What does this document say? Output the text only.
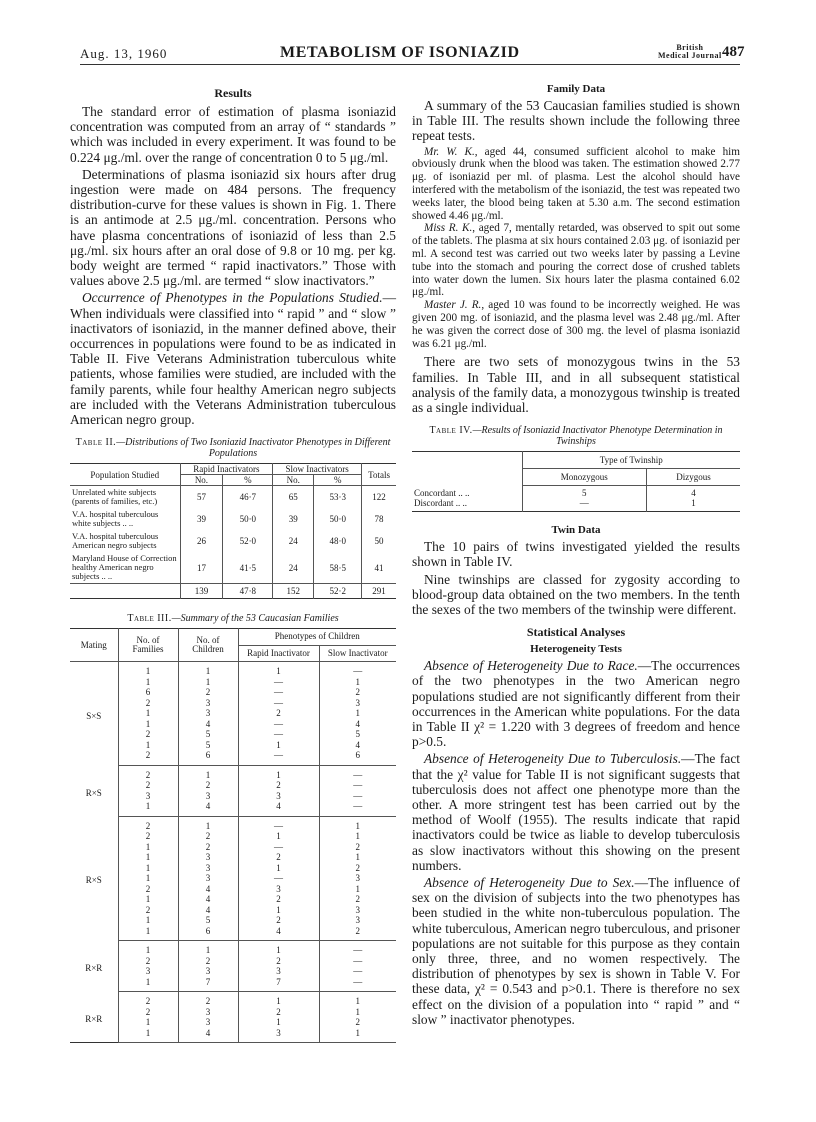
Aug. 13, 1960	METABOLISM OF ISONIAZID	British
Medical Journal 487
Results

The standard error of estimation of plasma isoniazid concentration was computed from an array of “ standards ” which was included in every experiment. It was found to be 0.224 μg./ml. over the range of concentration 0 to 5 μg./ml.

Determinations of plasma isoniazid six hours after drug ingestion were made on 484 persons. The frequency distribution-curve for these values is shown in Fig. 1. There is an antimode at 2.5 μg./ml. concentration. Persons who have plasma concentrations of isoniazid of less than 2.5 μg./ml. six hours after an oral dose of 9.8 or 10 mg. per kg. body weight are termed “ rapid inactivators.” Those with values above 2.5 μg./ml. are termed “ slow inactivators.”

Occurrence of Phenotypes in the Populations Studied.—When individuals were classified into “ rapid ” and “ slow ” inactivators of isoniazid, in the manner defined above, their occurrences in populations were found to be as indicated in Table II. Five Veterans Administration tuberculous white patients, whose families were studied, are included with the family parents, while four healthy American negro subjects are included with the Veterans Administration tuberculous American negro group.

Table II.—Distributions of Two Isoniazid Inactivator Phenotypes in Different Populations
Population Studied	Rapid Inactivators		Slow Inactivators		Totals
	No.	%	No.	%	
Unrelated white subjects (parents of families, etc.)	57	46·7	65	53·3	122
V.A. hospital tuberculous white subjects .. ..	39	50·0	39	50·0	78
V.A. hospital tuberculous American negro subjects	26	52·0	24	48·0	50
Maryland House of Correction healthy American negro subjects .. ..	17	41·5	24	58·5	41
	139	47·8	152	52·2	291
Table III.—Summary of the 53 Caucasian Families
Mating	No. of Families	No. of Children	Phenotypes of Children	
			Rapid Inactivator	Slow Inactivator
S×S	1	1	1	—
	1	1	—	1
	6	2	—	2
	2	3	—	3
	1	3	2	1
	1	4	—	4
	2	5	—	5
	1	5	1	4
	2	6	—	6
R×S	2	1	1	—
	2	2	2	—
	3	3	3	—
	1	4	4	—
R×S	2	1	—	1
	2	2	1	1
	1	2	—	2
	1	3	2	1
	1	3	1	2
	1	3	—	3
	2	4	3	1
	1	4	2	2
	2	4	1	3
	1	5	2	3
	1	6	4	2
R×R	1	1	1	—
	2	2	2	—
	3	3	3	—
	1	7	7	—
R×R	2	2	1	1
	2	3	2	1
	1	3	1	2
	1	4	3	1
Family Data

A summary of the 53 Caucasian families studied is shown in Table III. The results shown include the following three repeat tests.

Mr. W. K., aged 44, consumed sufficient alcohol to make him obviously drunk when the blood was taken. The estimation showed 2.77 μg. of isoniazid per ml. of plasma. Lest the alcohol should have interfered with the metabolism of the isoniazid, the test was repeated two weeks later, the blood being taken at 5.30 a.m. The second estimation showed 4.46 μg./ml.

Miss R. K., aged 7, mentally retarded, was observed to spit out some of the tablets. The plasma at six hours contained 2.03 μg. of isoniazid per ml. A second test was carried out two weeks later by passing a Levine tube into the stomach and pouring the correct dose of crushed tablets into water down the lumen. Six hours later the plasma contained 6.02 μg./ml.

Master J. R., aged 10 was found to be incorrectly weighed. He was given 200 mg. of isoniazid, and the plasma level was 2.48 μg./ml. After he was given the correct dose of 300 mg. the level of plasma isoniazid was 6.21 μg./ml.

There are two sets of monozygous twins in the 53 families. In Table III, and in all subsequent statistical analysis of the family data, a monozygous twinship is treated as a single individual.

Table IV.—Results of Isoniazid Inactivator Phenotype Determination in Twinships
	Type of Twinship	
	Monozygous	Dizygous
Concordant .. ..	5	4
Discordant .. ..	—	1
Twin Data

The 10 pairs of twins investigated yielded the results shown in Table IV.

Nine twinships are classed for zygosity according to blood-group data obtained on the two members. In the tenth the sexes of the two members of the twinship were different.

Statistical Analyses
Heterogeneity Tests

Absence of Heterogeneity Due to Race.—The occurrences of the two phenotypes in the two American negro populations studied are not significantly different from their occurrences in the American white populations. For the data in Table II χ² = 1.220 with 3 degrees of freedom and hence p>0.5.

Absence of Heterogeneity Due to Tuberculosis.—The fact that the χ² value for Table II is not significant suggests that tuberculosis does not affect one phenotype more than the other. A more stringent test has been carried out by the method of Woolf (1955). The results indicate that rapid inactivators could be twice as liable to develop tuberculosis as slow inactivators without this showing on the present numbers.

Absence of Heterogeneity Due to Sex.—The influence of sex on the division of subjects into the two phenotypes has been studied in the white non-tuberculous population. The white tuberculous, American negro tuberculous, and prisoner populations are not suitable for this purpose as they contain only three, three, and no women respectively. The distribution of phenotypes by sex is shown in Table V. For these data, χ² = 0.543 and p>0.1. There is therefore no sex effect on the division of a population into “ rapid ” and “ slow ” inactivator phenotypes.
